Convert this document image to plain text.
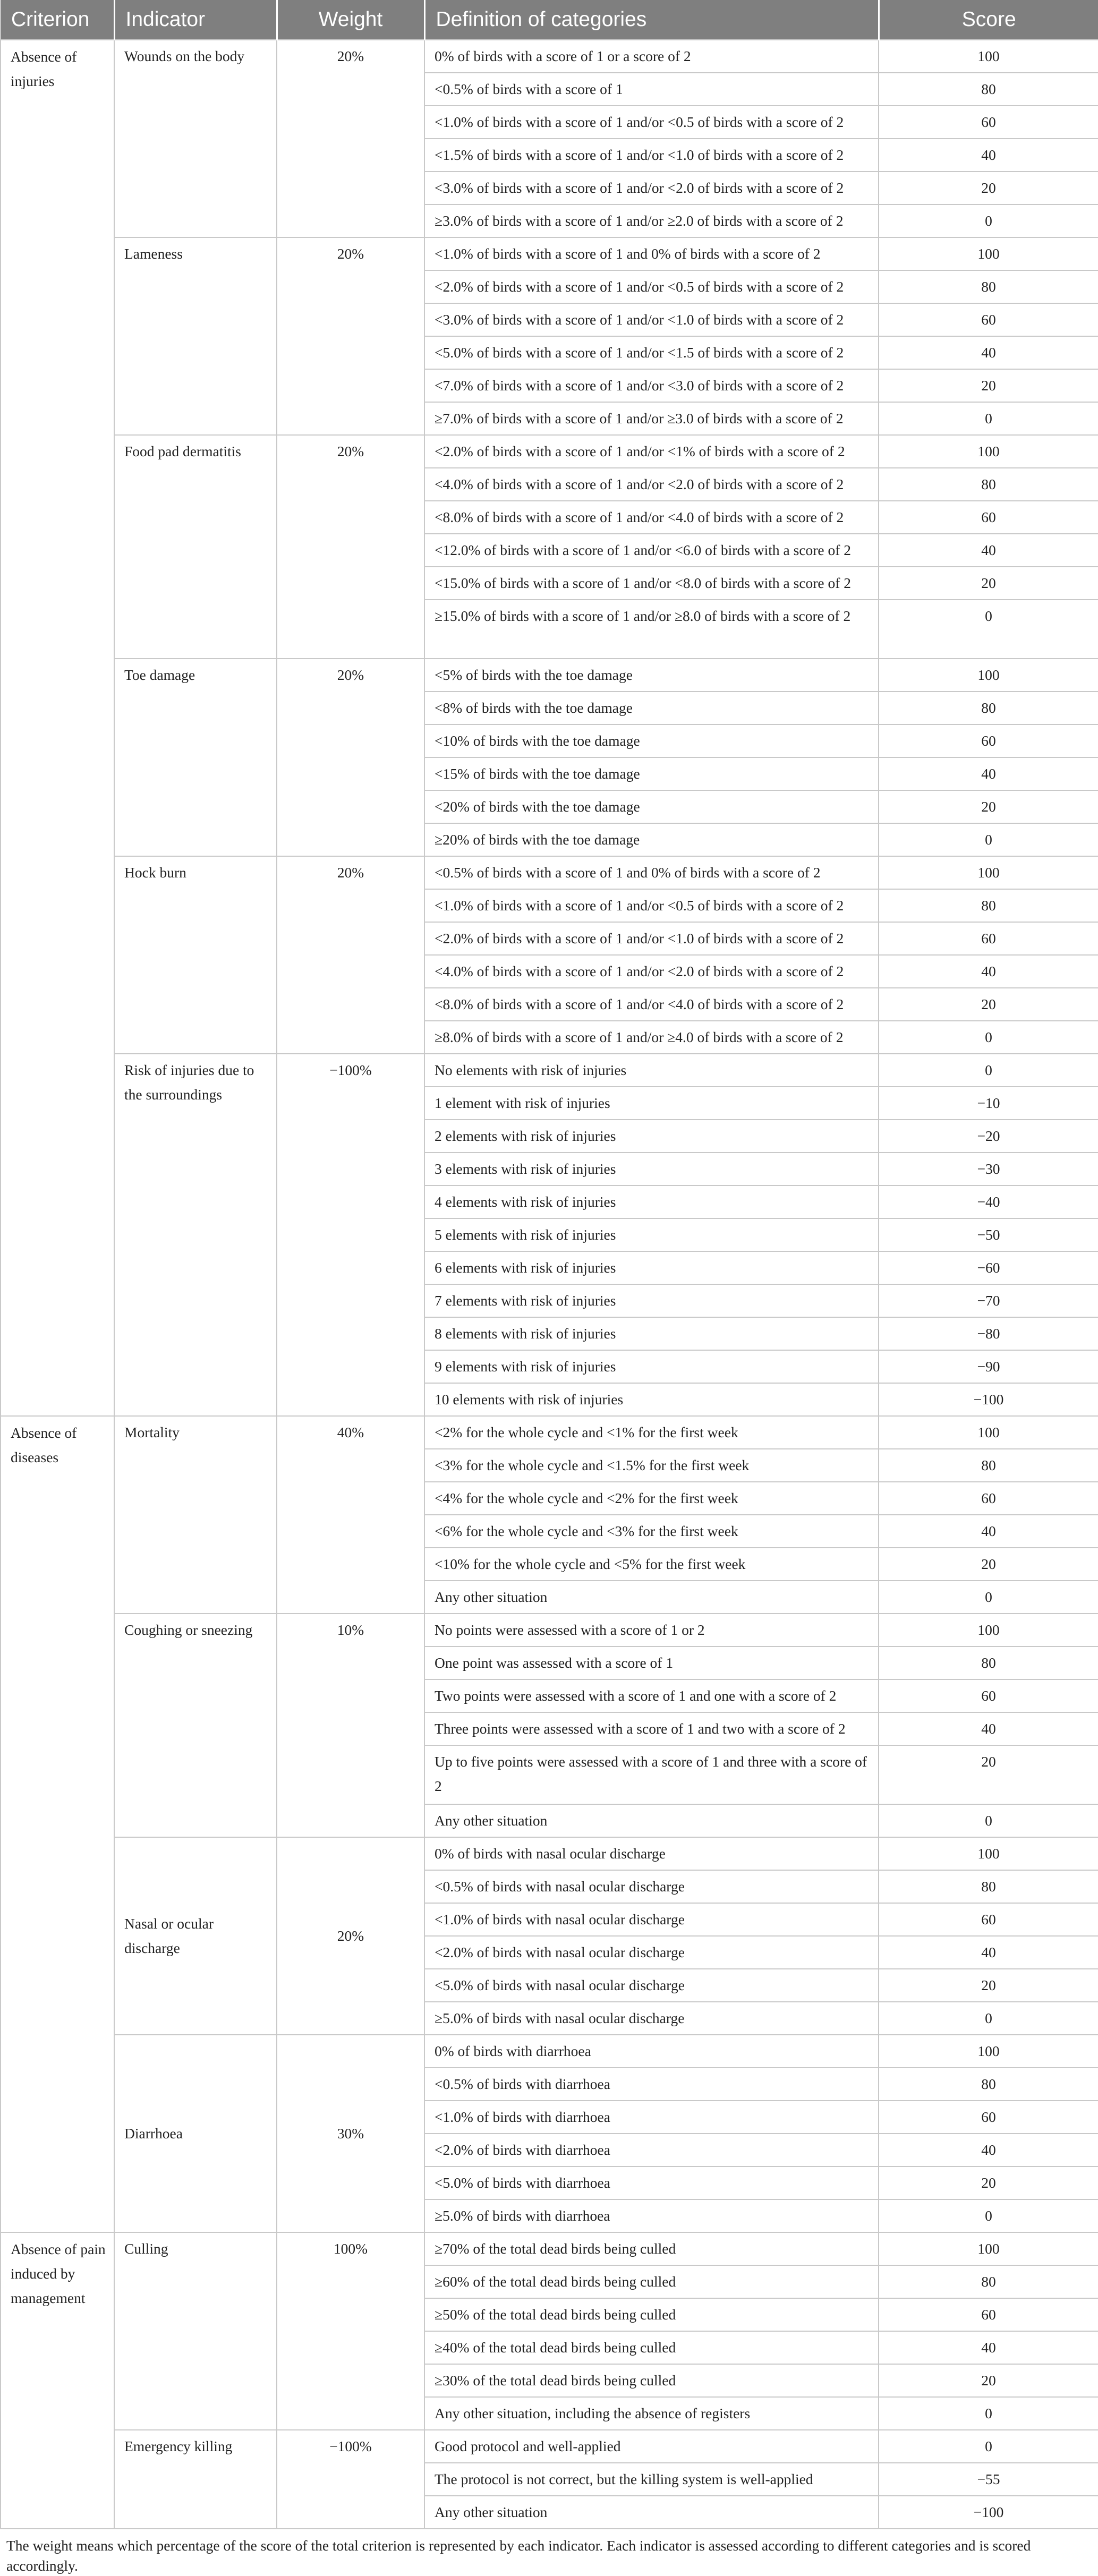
Criterion	Indicator	Weight	Definition of categories	Score
Absence of injuries	Wounds on the body	20%	0% of birds with a score of 1 or a score of 2	100
			<0.5% of birds with a score of 1	80
			<1.0% of birds with a score of 1 and/or <0.5 of birds with a score of 2	60
			<1.5% of birds with a score of 1 and/or <1.0 of birds with a score of 2	40
			<3.0% of birds with a score of 1 and/or <2.0 of birds with a score of 2	20
			≥3.0% of birds with a score of 1 and/or ≥2.0 of birds with a score of 2	0
	Lameness	20%	<1.0% of birds with a score of 1 and 0% of birds with a score of 2	100
			<2.0% of birds with a score of 1 and/or <0.5 of birds with a score of 2	80
			<3.0% of birds with a score of 1 and/or <1.0 of birds with a score of 2	60
			<5.0% of birds with a score of 1 and/or <1.5 of birds with a score of 2	40
			<7.0% of birds with a score of 1 and/or <3.0 of birds with a score of 2	20
			≥7.0% of birds with a score of 1 and/or ≥3.0 of birds with a score of 2	0
	Food pad dermatitis	20%	<2.0% of birds with a score of 1 and/or <1% of birds with a score of 2	100
			<4.0% of birds with a score of 1 and/or <2.0 of birds with a score of 2	80
			<8.0% of birds with a score of 1 and/or <4.0 of birds with a score of 2	60
			<12.0% of birds with a score of 1 and/or <6.0 of birds with a score of 2	40
			<15.0% of birds with a score of 1 and/or <8.0 of birds with a score of 2	20
			≥15.0% of birds with a score of 1 and/or ≥8.0 of birds with a score of 2	0
	Toe damage	20%	<5% of birds with the toe damage	100
			<8% of birds with the toe damage	80
			<10% of birds with the toe damage	60
			<15% of birds with the toe damage	40
			<20% of birds with the toe damage	20
			≥20% of birds with the toe damage	0
	Hock burn	20%	<0.5% of birds with a score of 1 and 0% of birds with a score of 2	100
			<1.0% of birds with a score of 1 and/or <0.5 of birds with a score of 2	80
			<2.0% of birds with a score of 1 and/or <1.0 of birds with a score of 2	60
			<4.0% of birds with a score of 1 and/or <2.0 of birds with a score of 2	40
			<8.0% of birds with a score of 1 and/or <4.0 of birds with a score of 2	20
			≥8.0% of birds with a score of 1 and/or ≥4.0 of birds with a score of 2	0
	Risk of injuries due to the surroundings	−100%	No elements with risk of injuries	0
			1 element with risk of injuries	−10
			2 elements with risk of injuries	−20
			3 elements with risk of injuries	−30
			4 elements with risk of injuries	−40
			5 elements with risk of injuries	−50
			6 elements with risk of injuries	−60
			7 elements with risk of injuries	−70
			8 elements with risk of injuries	−80
			9 elements with risk of injuries	−90
			10 elements with risk of injuries	−100
Absence of diseases	Mortality	40%	<2% for the whole cycle and <1% for the first week	100
			<3% for the whole cycle and <1.5% for the first week	80
			<4% for the whole cycle and <2% for the first week	60
			<6% for the whole cycle and <3% for the first week	40
			<10% for the whole cycle and <5% for the first week	20
			Any other situation	0
	Coughing or sneezing	10%	No points were assessed with a score of 1 or 2	100
			One point was assessed with a score of 1	80
			Two points were assessed with a score of 1 and one with a score of 2	60
			Three points were assessed with a score of 1 and two with a score of 2	40
			Up to five points were assessed with a score of 1 and three with a score of 2	20
			Any other situation	0
	Nasal or ocular discharge	20%	0% of birds with nasal ocular discharge	100
			<0.5% of birds with nasal ocular discharge	80
			<1.0% of birds with nasal ocular discharge	60
			<2.0% of birds with nasal ocular discharge	40
			<5.0% of birds with nasal ocular discharge	20
			≥5.0% of birds with nasal ocular discharge	0
	Diarrhoea	30%	0% of birds with diarrhoea	100
			<0.5% of birds with diarrhoea	80
			<1.0% of birds with diarrhoea	60
			<2.0% of birds with diarrhoea	40
			<5.0% of birds with diarrhoea	20
			≥5.0% of birds with diarrhoea	0
Absence of pain induced by management	Culling	100%	≥70% of the total dead birds being culled	100
			≥60% of the total dead birds being culled	80
			≥50% of the total dead birds being culled	60
			≥40% of the total dead birds being culled	40
			≥30% of the total dead birds being culled	20
			Any other situation, including the absence of registers	0
	Emergency killing	−100%	Good protocol and well-applied	0
			The protocol is not correct, but the killing system is well-applied	−55
			Any other situation	−100
The weight means which percentage of the score of the total criterion is represented by each indicator. Each indicator is assessed according to different categories and is scored accordingly.
